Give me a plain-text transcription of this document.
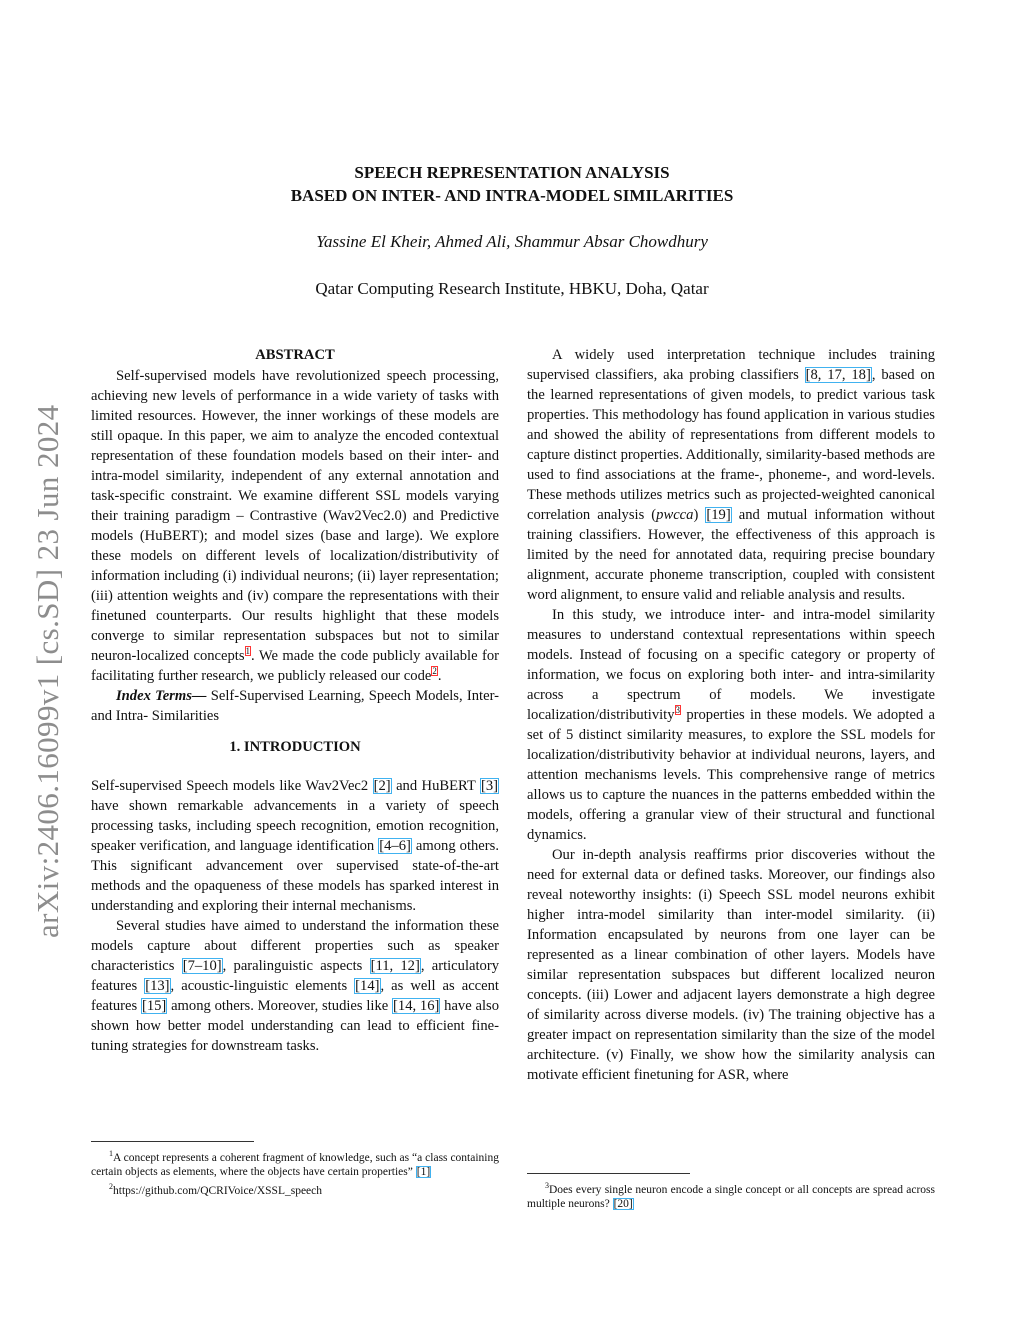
arXiv:2406.16099v1 [cs.SD] 23 Jun 2024
SPEECH REPRESENTATION ANALYSIS
BASED ON INTER- AND INTRA-MODEL SIMILARITIES
Yassine El Kheir, Ahmed Ali, Shammur Absar Chowdhury
Qatar Computing Research Institute, HBKU, Doha, Qatar

ABSTRACT

Self-supervised models have revolutionized speech processing, achieving new levels of performance in a wide variety of tasks with limited resources. However, the inner workings of these models are still opaque. In this paper, we aim to analyze the encoded contextual representation of these foundation models based on their inter- and intra-model similarity, independent of any external annotation and task-specific constraint. We examine different SSL models varying their training paradigm – Contrastive (Wav2Vec2.0) and Predictive models (HuBERT); and model sizes (base and large). We explore these models on different levels of localization/distributivity of information including (i) individual neurons; (ii) layer representation; (iii) attention weights and (iv) compare the representations with their finetuned counterparts. Our results highlight that these models converge to similar representation subspaces but not to similar neuron-localized concepts$^1$. We made the code publicly available for facilitating further research, we publicly released our code$^2$.

Index Terms— Self-Supervised Learning, Speech Models, Inter- and Intra- Similarities

1. INTRODUCTION

Self-supervised Speech models like Wav2Vec2 [2] and HuBERT [3] have shown remarkable advancements in a variety of speech processing tasks, including speech recognition, emotion recognition, speaker verification, and language identification [4–6] among others. This significant advancement over supervised state-of-the-art methods and the opaqueness of these models has sparked interest in understanding and exploring their internal mechanisms.

Several studies have aimed to understand the information these models capture about different properties such as speaker characteristics [7–10], paralinguistic aspects [11, 12], articulatory features [13], acoustic-linguistic elements [14], as well as accent features [15] among others. Moreover, studies like [14, 16] have also shown how better model understanding can lead to efficient fine-tuning strategies for downstream tasks.

$^1$A concept represents a coherent fragment of knowledge, such as “a class containing certain objects as elements, where the objects have certain properties” [1]

$^2$https://github.com/QCRIVoice/XSSL_speech

A widely used interpretation technique includes training supervised classifiers, aka probing classifiers [8, 17, 18], based on the learned representations of given models, to predict various task properties. This methodology has found application in various studies and showed the ability of representations from different models to capture distinct properties. Additionally, similarity-based methods are used to find associations at the frame-, phoneme-, and word-levels. These methods utilizes metrics such as projected-weighted canonical correlation analysis (pwcca) [19] and mutual information without training classifiers. However, the effectiveness of this approach is limited by the need for annotated data, requiring precise boundary alignment, accurate phoneme transcription, coupled with consistent word alignment, to ensure valid and reliable analysis and results.

In this study, we introduce inter- and intra-model similarity measures to understand contextual representations within speech models. Instead of focusing on a specific category or property of information, we focus on exploring both inter- and intra-similarity across a spectrum of models. We investigate localization/distributivity$^3$ properties in these models. We adopted a set of 5 distinct similarity measures, to explore the SSL models for localization/distributivity behavior at individual neurons, layers, and attention mechanisms levels. This comprehensive range of metrics allows us to capture the nuances in the patterns embedded within the models, offering a granular view of their structural and functional dynamics.

Our in-depth analysis reaffirms prior discoveries without the need for external data or defined tasks. Moreover, our findings also reveal noteworthy insights: (i) Speech SSL model neurons exhibit higher intra-model similarity than inter-model similarity. (ii) Information encapsulated by neurons from one layer can be represented as a linear combination of other layers. Models have similar representation subspaces but different localized neuron concepts. (iii) Lower and adjacent layers demonstrate a high degree of similarity across diverse models. (iv) The training objective has a greater impact on representation similarity than the size of the model architecture. (v) Finally, we show how the similarity analysis can motivate efficient finetuning for ASR, where

$^3$Does every single neuron encode a single concept or all concepts are spread across multiple neurons? [20]
